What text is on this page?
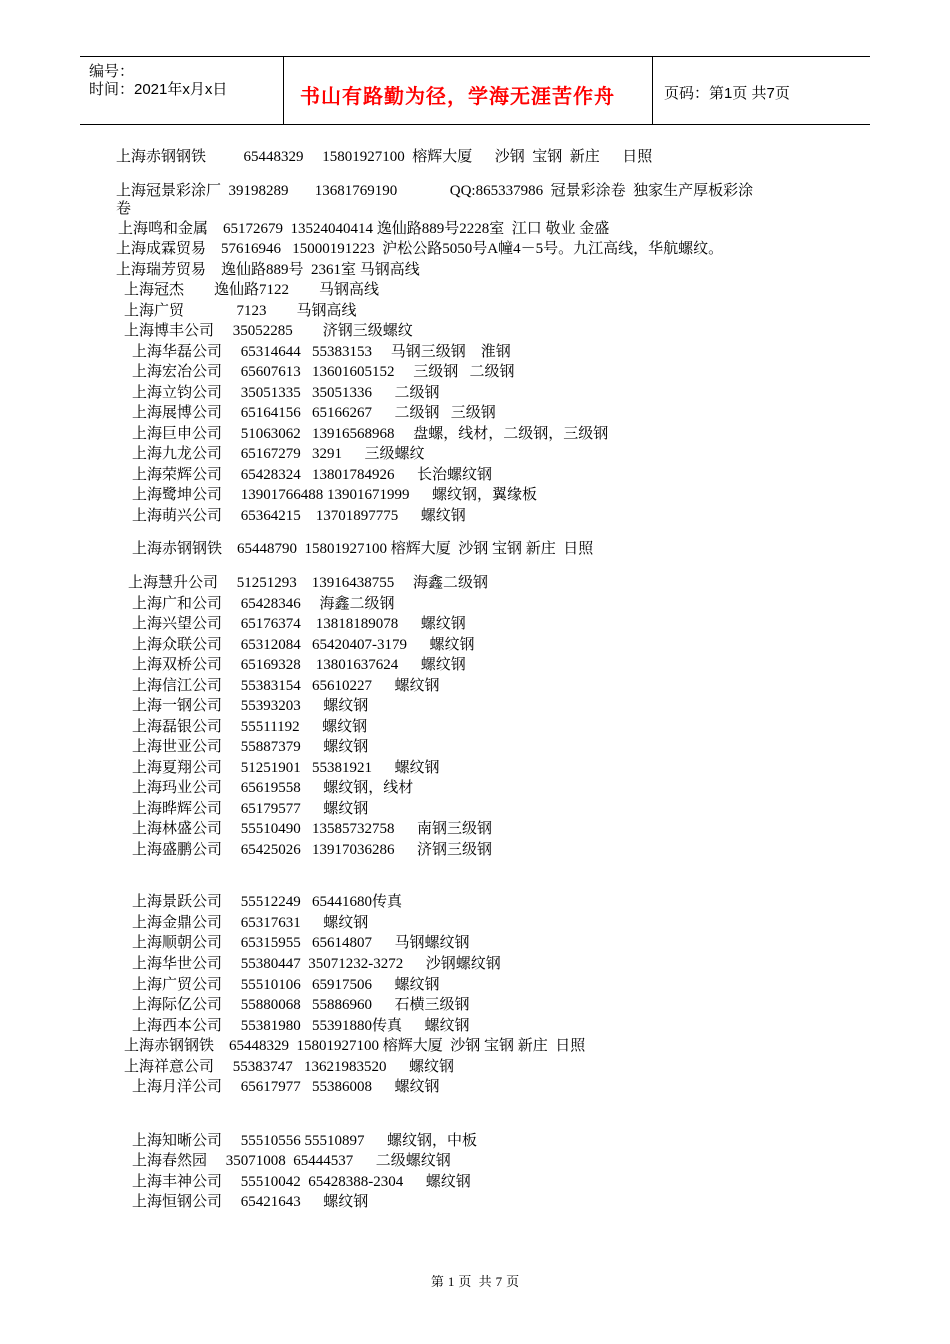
编号：
时间：2021年x月x日	书山有路勤为径，学海无涯苦作舟	页码：第1页 共7页
上海赤钢钢铁          65448329     15801927100  榕辉大厦      沙钢  宝钢  新庄      日照
上海冠景彩涂厂  39198289       13681769190              QQ:865337986  冠景彩涂卷  独家生产厚板彩涂
卷
上海鸣和金属    65172679  13524040414 逸仙路889号2228室  江口 敬业 金盛
上海成霖贸易    57616946   15000191223  沪松公路5050号A幢4－5号。九江高线，华航螺纹。
上海瑞芳贸易    逸仙路889号  2361室 马钢高线
上海冠杰        逸仙路7122        马钢高线
上海广贸              7123        马钢高线
上海博丰公司     35052285        济钢三级螺纹
上海华磊公司     65314644   55383153     马钢三级钢    淮钢
上海宏冶公司     65607613   13601605152     三级钢   二级钢
上海立钧公司     35051335   35051336      二级钢
上海展博公司     65164156   65166267      二级钢   三级钢
上海巨申公司     51063062   13916568968     盘螺，线材，二级钢，三级钢
上海九龙公司     65167279   3291      三级螺纹
上海荣辉公司     65428324   13801784926      长治螺纹钢
上海鹭坤公司     13901766488 13901671999      螺纹钢，翼缘板
上海萌兴公司     65364215    13701897775      螺纹钢
上海赤钢钢铁    65448790  15801927100 榕辉大厦  沙钢 宝钢 新庄  日照
上海慧升公司     51251293    13916438755     海鑫二级钢
上海广和公司     65428346     海鑫二级钢
上海兴望公司     65176374    13818189078      螺纹钢
上海众联公司     65312084   65420407-3179      螺纹钢
上海双桥公司     65169328    13801637624      螺纹钢
上海信江公司     55383154   65610227      螺纹钢
上海一钢公司     55393203      螺纹钢
上海磊银公司     55511192      螺纹钢
上海世亚公司     55887379      螺纹钢
上海夏翔公司     51251901   55381921      螺纹钢
上海玛业公司     65619558      螺纹钢，线材
上海晔辉公司     65179577      螺纹钢
上海林盛公司     55510490   13585732758      南钢三级钢
上海盛鹏公司     65425026   13917036286      济钢三级钢
上海景跃公司     55512249   65441680传真
上海金鼎公司     65317631      螺纹钢
上海顺朝公司     65315955   65614807      马钢螺纹钢
上海华世公司     55380447  35071232-3272      沙钢螺纹钢
上海广贸公司     55510106   65917506      螺纹钢
上海际亿公司     55880068   55886960      石横三级钢
上海西本公司     55381980   55391880传真      螺纹钢
上海赤钢钢铁    65448329  15801927100 榕辉大厦  沙钢 宝钢 新庄  日照
上海祥意公司     55383747   13621983520      螺纹钢
上海月洋公司     65617977   55386008      螺纹钢
上海知晰公司     55510556 55510897      螺纹钢，中板
上海春然园     35071008  65444537      二级螺纹钢
上海丰神公司     55510042  65428388-2304      螺纹钢
上海恒钢公司     65421643      螺纹钢
第 1 页 共 7 页
